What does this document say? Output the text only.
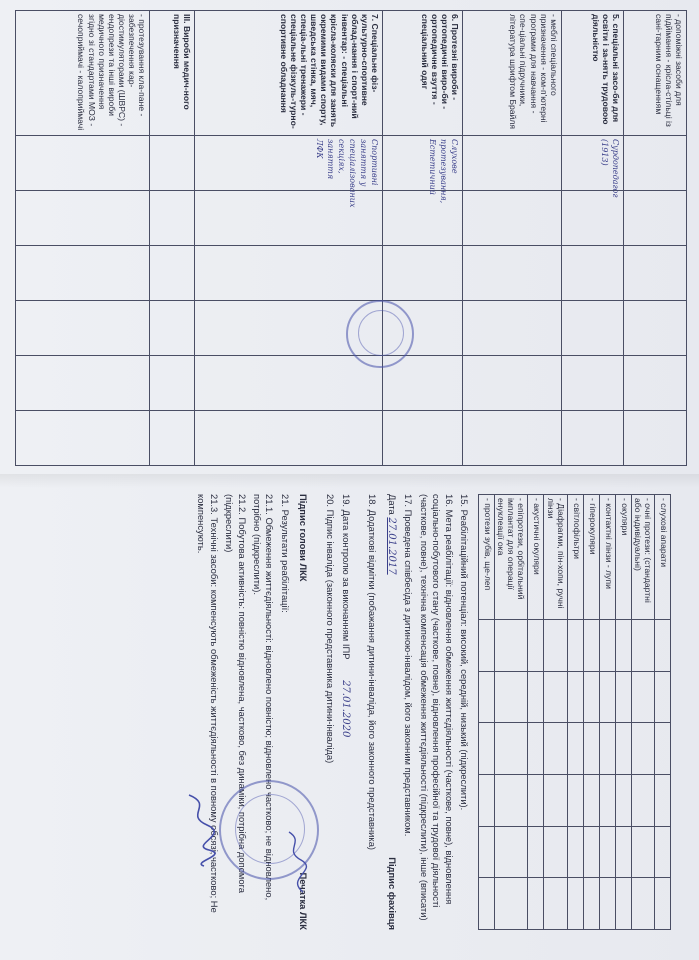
- допоміжні засоби для підйімання - крісла-стільці із сані-тарним оснащенням						
5. спеціальні засо-би для освіти і за-нять трудовою діяльністю	Сурдопедагог (1913)					
- меблі спеціального призначення - ком-п'ютерні програми для навчання - спе-ціальні підручники, література шрифтом Брайля						
6. Протезні вироби - ортопедичні виро-би - ортопедичне взуття - спеціальний одяг	Слухове протезування, Естетичний					
7. Спеціальне фіз-культурно-спортивне облад-нання і спорт-ний інвентар: - спеціальні крісла-коляски для занять окремими видами спорту, шведська стінка, мяч, спеціа-льні тренажери - спеціальне фізкуль-турно-спортивне обладнання	Спортивні заняття у спеціалізованих секціях, заняття ЛФК					
III. Вироби медич-ного призначення						
- протезування кла-пане - забезпечення кар-дiостимуляторами (ШВРС) - ендопрези та інші вироби медичного призначення згідно зі стандартами МОЗ - сечоприймачі - калоприймачі						
- слухові апарати						
- очні протези: (стандартні або індивідуальні)						
- окуляри						
- контактні лінзи - лупи						
- гіперокуляри						
- світлофільтри						
- Діафрагми, пін-хопи, ручні лінзи						
- акустичні окуляри						
- епіпротези, орбітальний імплантат для операції енуклеації ока						
- протези зубів, ще-леп						
15. Реабілітаційний потенціал: високий, середній, низький (підкреслити).
16. Мета реабілітації: відновлення обмеження життєдіяльності (часткове, повне), відновлення соціально-побутового стану (часткове, повне), відновлення професійної та трудової діяльності (часткове, повне), технічна компенсація обмеження життєдіяльності (підкреслити), інше (вписати)
17. Проведена співбесіда з дитиною-інвалідом, його законним представником.
Дата 27.01.2017
Підпис фахівця
18. Додаткові відмітки (побажання дитини-інваліда, його законного представника)
19. Дата контролю за виконанням ІПР 27.01.2020
20. Підпис інваліда (законного представника дитини-інваліда)
Підпис голови ЛКК
Печатка ЛКК
21. Результати реабілітації:
21.1. Обмеження життєдіяльності: відновлено повністю; відновлено частково; не відновлено, потрібно (підкреслити).
21.2. Побутова активність: повністю відновлена, частково, без динаміки, потрібна допомога (підкреслити)
21.3. Технічні засоби: компенсують обмеженість життєдіяльності в повному обсязі; частково; Не компенсують.
